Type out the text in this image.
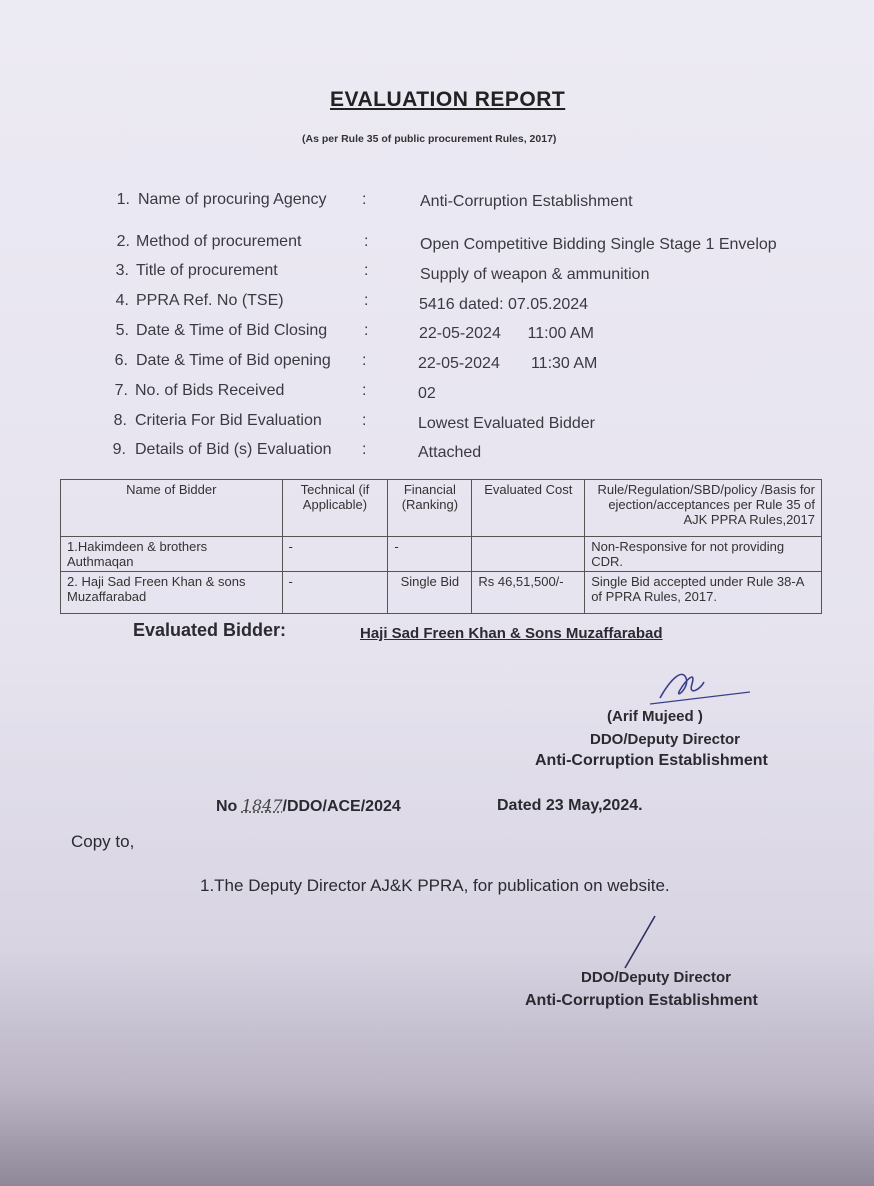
EVALUATION REPORT
(As per Rule 35 of public procurement Rules, 2017)
1. Name of procuring Agency :	Anti-Corruption Establishment
2. Method of procurement	:	Open Competitive Bidding Single Stage 1 Envelop
3. Title of procurement	:	Supply of weapon & ammunition
4. PPRA Ref. No (TSE)	:	5416 dated: 07.05.2024
5. Date & Time of Bid Closing :	22-05-2024      11:00 AM
6. Date & Time of Bid opening :	22-05-2024       11:30 AM
7. No. of Bids Received	:	02
8. Criteria For Bid Evaluation	:	Lowest Evaluated Bidder
9. Details of Bid (s) Evaluation :	Attached
Name of Bidder	Technical (if Applicable)	Financial (Ranking)	Evaluated Cost	Rule/Regulation/SBD/policy /Basis for ejection/acceptances per Rule 35 of AJK PPRA Rules,2017
1.Hakimdeen & brothers Authmaqan	-	-		Non-Responsive for not providing CDR.
2. Haji Sad Freen Khan & sons Muzaffarabad	-	Single Bid	Rs 46,51,500/-	Single Bid accepted under Rule 38-A of PPRA Rules, 2017.
Evaluated Bidder:	Haji Sad Freen Khan & Sons Muzaffarabad
(Arif Mujeed )
DDO/Deputy Director
Anti-Corruption Establishment
No 1847/DDO/ACE/2024	Dated 23 May,2024.
Copy to,
1.The Deputy Director AJ&K PPRA, for publication on website.
DDO/Deputy Director
Anti-Corruption Establishment
